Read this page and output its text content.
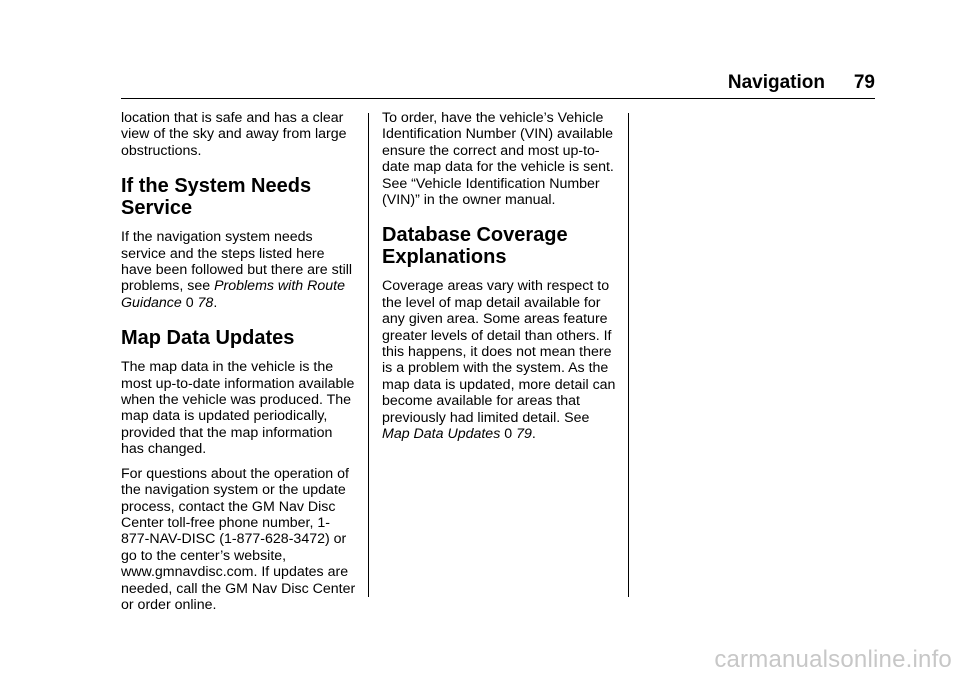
Navigation 79

location that is safe and has a clear view of the sky and away from large obstructions.

If the System Needs Service

If the navigation system needs service and the steps listed here have been followed but there are still problems, see Problems with Route Guidance 0 78.

Map Data Updates

The map data in the vehicle is the most up-to-date information available when the vehicle was produced. The map data is updated periodically, provided that the map information has changed.

For questions about the operation of the navigation system or the update process, contact the GM Nav Disc Center toll-free phone number, 1-877-NAV-DISC (1-877-628-3472) or go to the center’s website, www.gmnavdisc.com. If updates are needed, call the GM Nav Disc Center or order online.

To order, have the vehicle’s Vehicle Identification Number (VIN) available ensure the correct and most up-to-date map data for the vehicle is sent. See “Vehicle Identification Number (VIN)” in the owner manual.

Database Coverage Explanations

Coverage areas vary with respect to the level of map detail available for any given area. Some areas feature greater levels of detail than others. If this happens, it does not mean there is a problem with the system. As the map data is updated, more detail can become available for areas that previously had limited detail. See Map Data Updates 0 79.

carmanualsonline.info
